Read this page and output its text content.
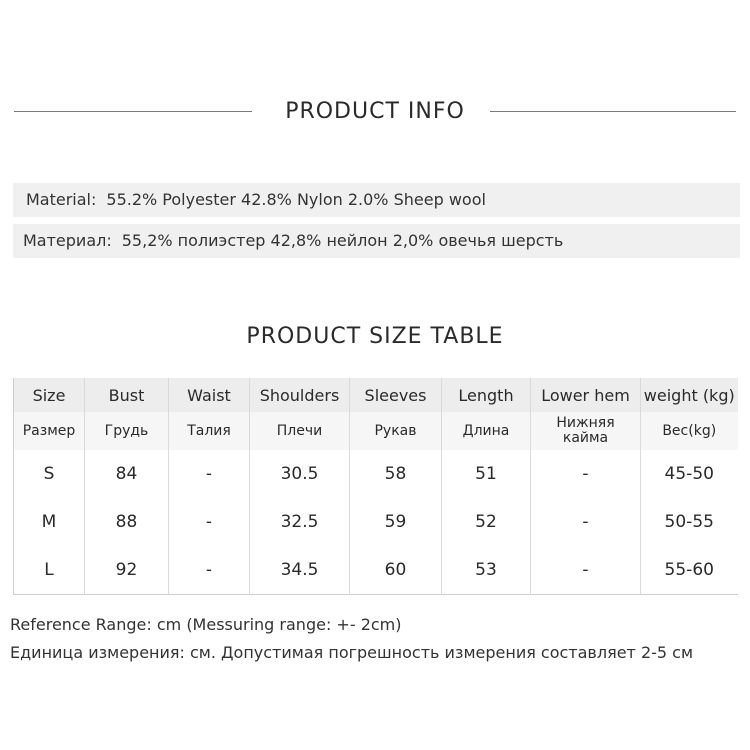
PRODUCT INFO
Material: 55.2% Polyester 42.8% Nylon 2.0% Sheep wool
Материал: 55,2% полиэстер 42,8% нейлон 2,0% овечья шерсть
PRODUCT SIZE TABLE
Size	Bust	Waist	Shoulders	Sleeves	Length	Lower hem	weight (kg)
Размер	Грудь	Талия	Плечи	Рукав	Длина	Нижняя кайма	Вес(kg)
S	84	-	30.5	58	51	-	45-50
M	88	-	32.5	59	52	-	50-55
L	92	-	34.5	60	53	-	55-60
Reference Range: cm (Messuring range: +- 2cm)
Единица измерения: см. Допустимая погрешность измерения составляет 2-5 см
